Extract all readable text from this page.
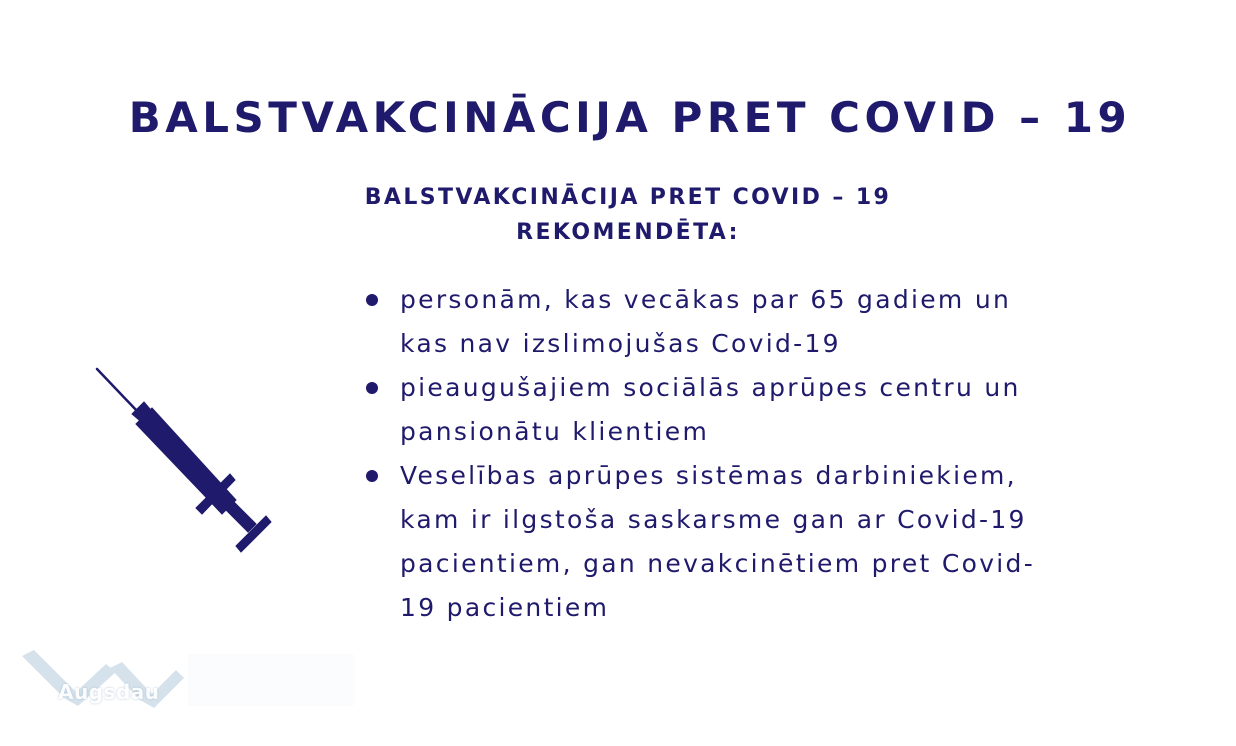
BALSTVAKCINĀCIJA PRET COVID – 19
BALSTVAKCINĀCIJA PRET COVID – 19
REKOMENDĒTA:
personām, kas vecākas par 65 gadiem un
kas nav izslimojušas Covid-19
pieaugušajiem sociālās aprūpes centru un
pansionātu klientiem
Veselības aprūpes sistēmas darbiniekiem,
kam ir ilgstoša saskarsme gan ar Covid-19
pacientiem, gan nevakcinētiem pret Covid-
19 pacientiem
Augsdau
